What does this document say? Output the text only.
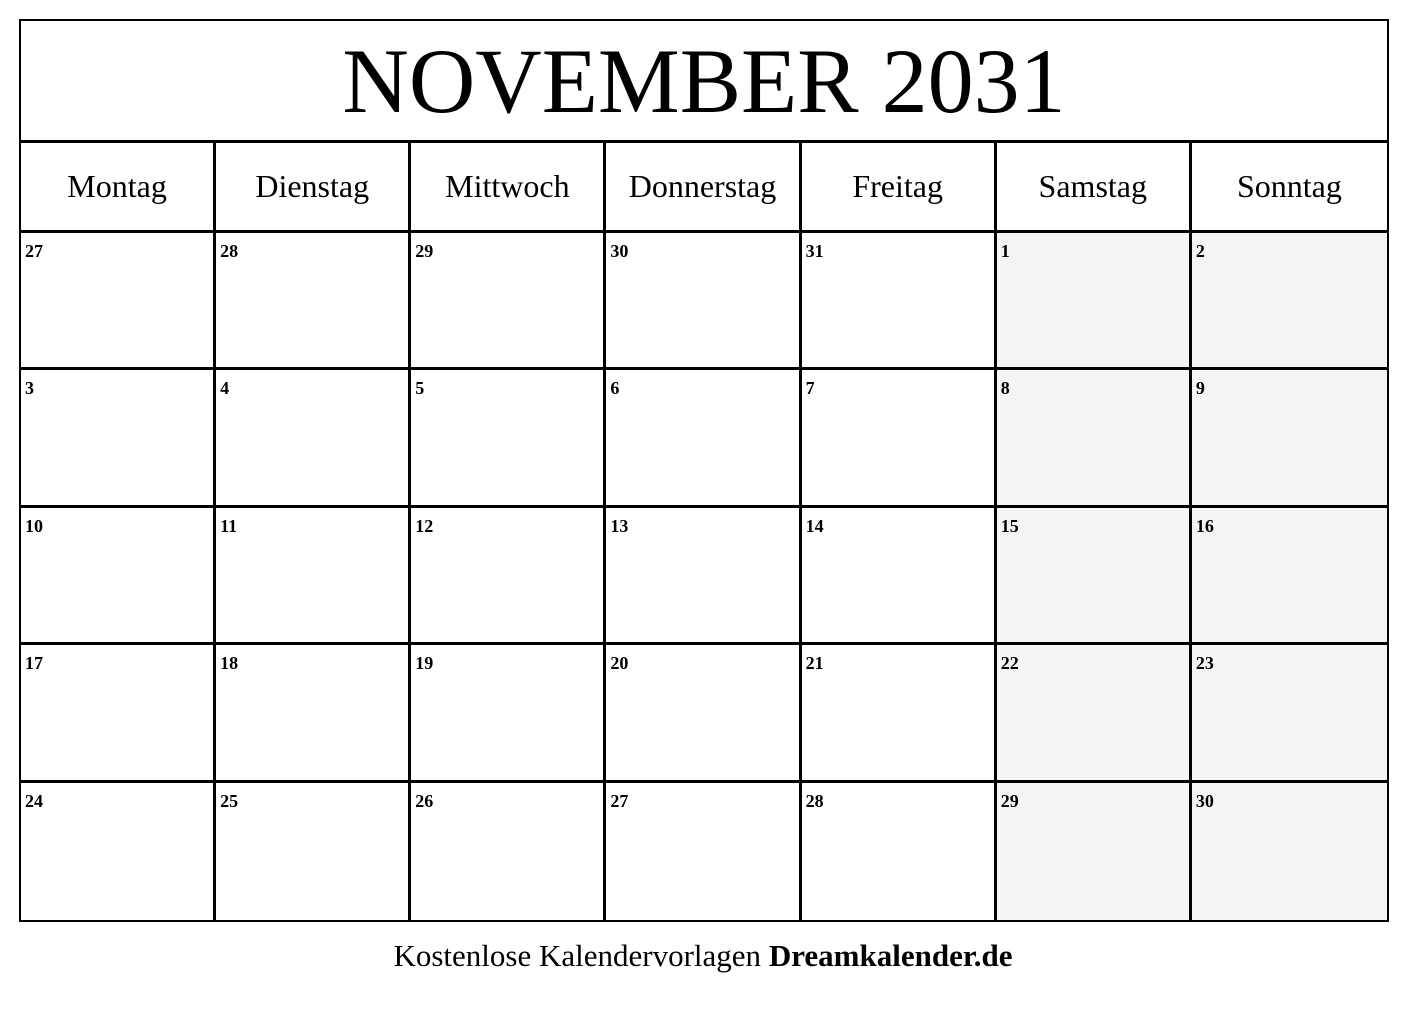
NOVEMBER 2031
Montag	Dienstag	Mittwoch	Donnerstag	Freitag	Samstag	Sonntag
27	28	29	30	31	1	2
3	4	5	6	7	8	9
10	11	12	13	14	15	16
17	18	19	20	21	22	23
24	25	26	27	28	29	30
Kostenlose Kalendervorlagen Dreamkalender.de
